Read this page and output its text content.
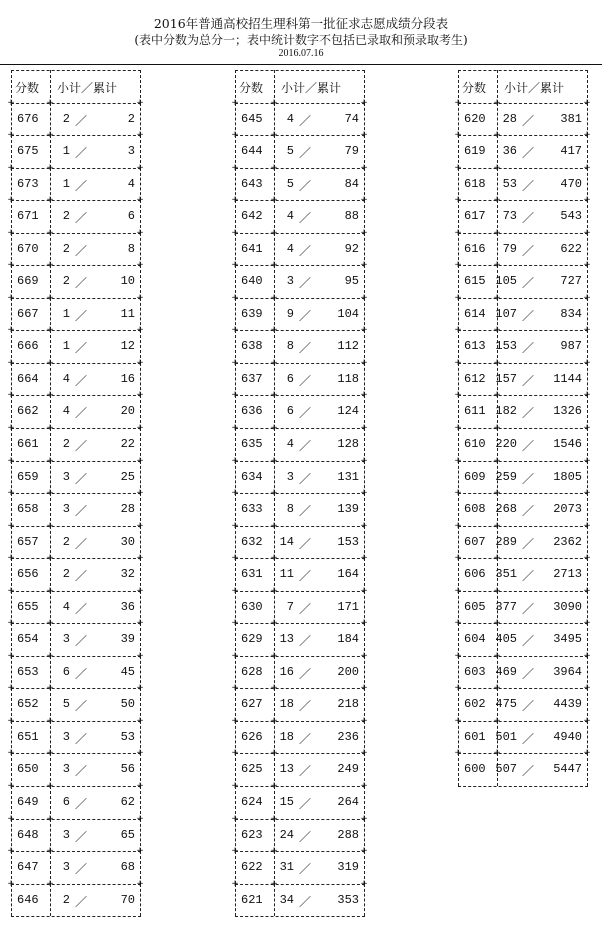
2016年普通高校招生理科第一批征求志愿成绩分段表
(表中分数为总分一；表中统计数字不包括已录取和预录取考生)
2016.07.16
分数 小计／累计
+	+	+
676 2 ／	2
+	+	+
675 1 ／	3
+	+	+
673 1 ／	4
+	+	+
671 2 ／	6
+	+	+
670 2 ／	8
+	+	+
669 2 ／	10
+	+	+
667 1 ／	11
+	+	+
666 1 ／	12
+	+	+
664 4 ／	16
+	+	+
662 4 ／	20
+	+	+
661 2 ／	22
+	+	+
659 3 ／	25
+	+	+
658 3 ／	28
+	+	+
657 2 ／	30
+	+	+
656 2 ／	32
+	+	+
655 4 ／	36
+	+	+
654 3 ／	39
+	+	+
653 6 ／	45
+	+	+
652 5 ／	50
+	+	+
651 3 ／	53
+	+	+
650 3 ／	56
+	+	+
649 6 ／	62
+	+	+
648 3 ／	65
+	+	+
647 3 ／	68
+	+	+
646 2 ／	70
分数 小计／累计
+	+	+
645 4 ／	74
+	+	+
644 5 ／	79
+	+	+
643 5 ／	84
+	+	+
642 4 ／	88
+	+	+
641 4 ／	92
+	+	+
640 3 ／	95
+	+	+
639 9 ／ 104
+	+	+
638 8 ／ 112
+	+	+
637 6 ／ 118
+	+	+
636 6 ／ 124
+	+	+
635 4 ／ 128
+	+	+
634 3 ／ 131
+	+	+
633 8 ／ 139
+	+	+
632 14 ／ 153
+	+	+
631 11 ／ 164
+	+	+
630 7 ／ 171
+	+	+
629 13 ／ 184
+	+	+
628 16 ／ 200
+	+	+
627 18 ／ 218
+	+	+
626 18 ／ 236
+	+	+
625 13 ／ 249
+	+	+
624 15 ／ 264
+	+	+
623 24 ／ 288
+	+	+
622 31 ／ 319
+	+	+
621 34 ／ 353
分数 小计／累计
+	+	+
620 28 ／ 381
+	+	+
619 36 ／ 417
+	+	+
618 53 ／ 470
+	+	+
617 73 ／ 543
+	+	+
616 79 ／ 622
+	+	+
615 105 ／ 727
+	+	+
614 107 ／ 834
+	+	+
613 153 ／ 987
+	+	+
612 157 ／ 1144
+	+	+
611 182 ／ 1326
+	+	+
610 220 ／ 1546
+	+	+
609 259 ／ 1805
+	+	+
608 268 ／ 2073
+	+	+
607 289 ／ 2362
+	+	+
606 351 ／ 2713
+	+	+
605 377 ／ 3090
+	+	+
604 405 ／ 3495
+	+	+
603 469 ／ 3964
+	+	+
602 475 ／ 4439
+	+	+
601 501 ／ 4940
+	+	+
600 507 ／ 5447
